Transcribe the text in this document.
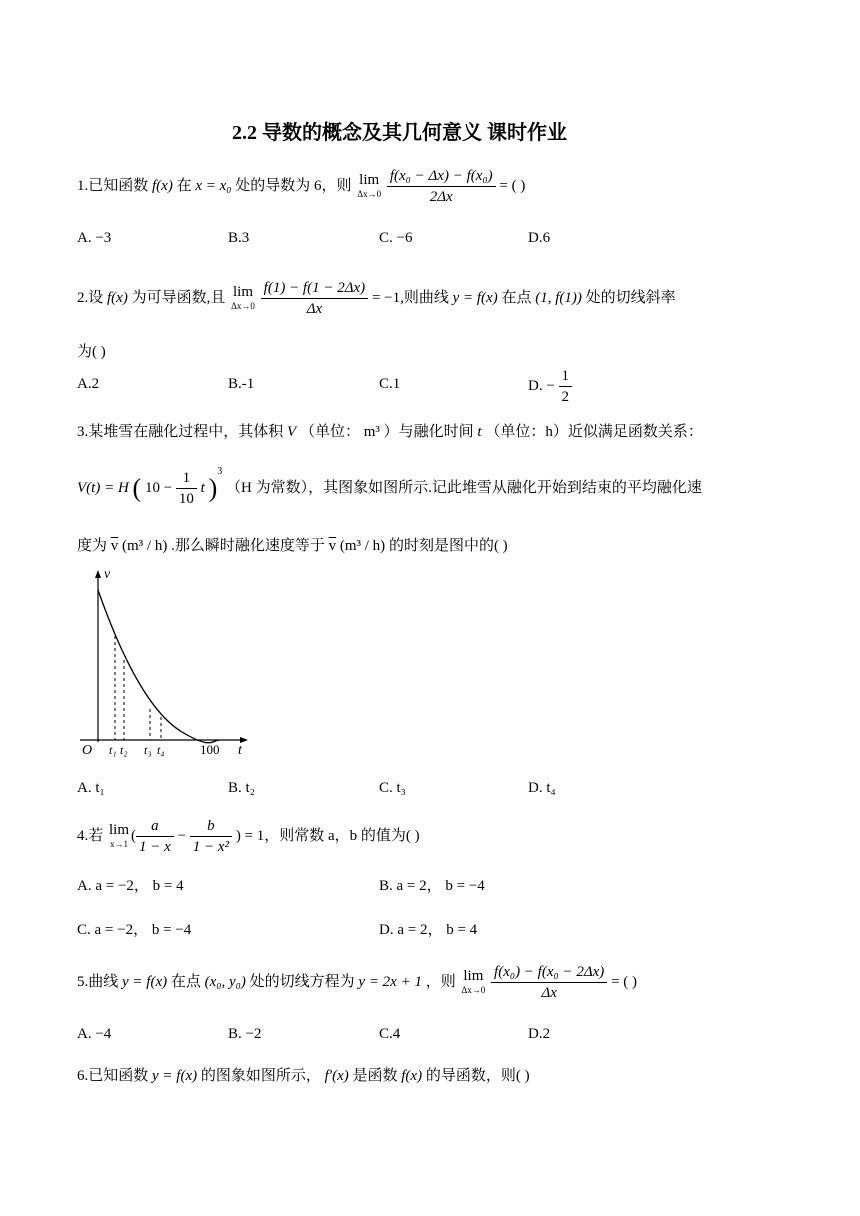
2.2 导数的概念及其几何意义 课时作业
1.已知函数 f(x) 在 x = x₀ 处的导数为 6，则 lim
Δx→0
$\frac{\text{f(x₀ − Δx) − f(x₀)}}{2\Delta x}$ = ( )
A. −3	B.3	C. −6	D.6
2.设 f(x) 为可导函数,且 lim
Δx→0
$\frac{f(1) - f(1 - 2\Delta x)}{\Delta x} = -1$,则曲线 y = f(x) 在点 (1, f(1)) 处的切线斜率
为( )
A.2	B.-1	C.1	D. − $\frac{1}{2}$
3.某堆雪在融化过程中，其体积 V （单位： m³ ）与融化时间 t （单位：h）近似满足函数关系：
V(t) = H ( $10 - \frac{1}{10}$ t )$^3$ （H 为常数），其图象如图所示.记此堆雪从融化开始到结束的平均融化速
度为 $\overline{v}$ (m³ / h) .那么瞬时融化速度等于 $\overline{v}$ (m³ / h) 的时刻是图中的( )
v
t
O t₁ t₂ t₃ t₄	100
A. t₁	B. t₂	C. t₃	D. t₄
4.若 lim
x→1 ( $\frac{a}{1 - x} - \frac{b}{\text{1 − x²}}$ ) = 1，则常数 a，b 的值为( )
A. a = −2， b = 4	B. a = 2， b = −4
C. a = −2， b = −4	D. a = 2， b = 4
5.曲线 y = f(x) 在点 (x₀, y₀) 处的切线方程为 y = 2x + 1 ，则 lim
Δx→0
$\frac{\text{f(x₀) − f(x₀ − 2Δx)}}{\Delta x}$ = ( )
A. −4	B. −2	C.4	D.2
6.已知函数 y = f(x) 的图象如图所示， f′(x) 是函数 f(x) 的导函数，则( )
